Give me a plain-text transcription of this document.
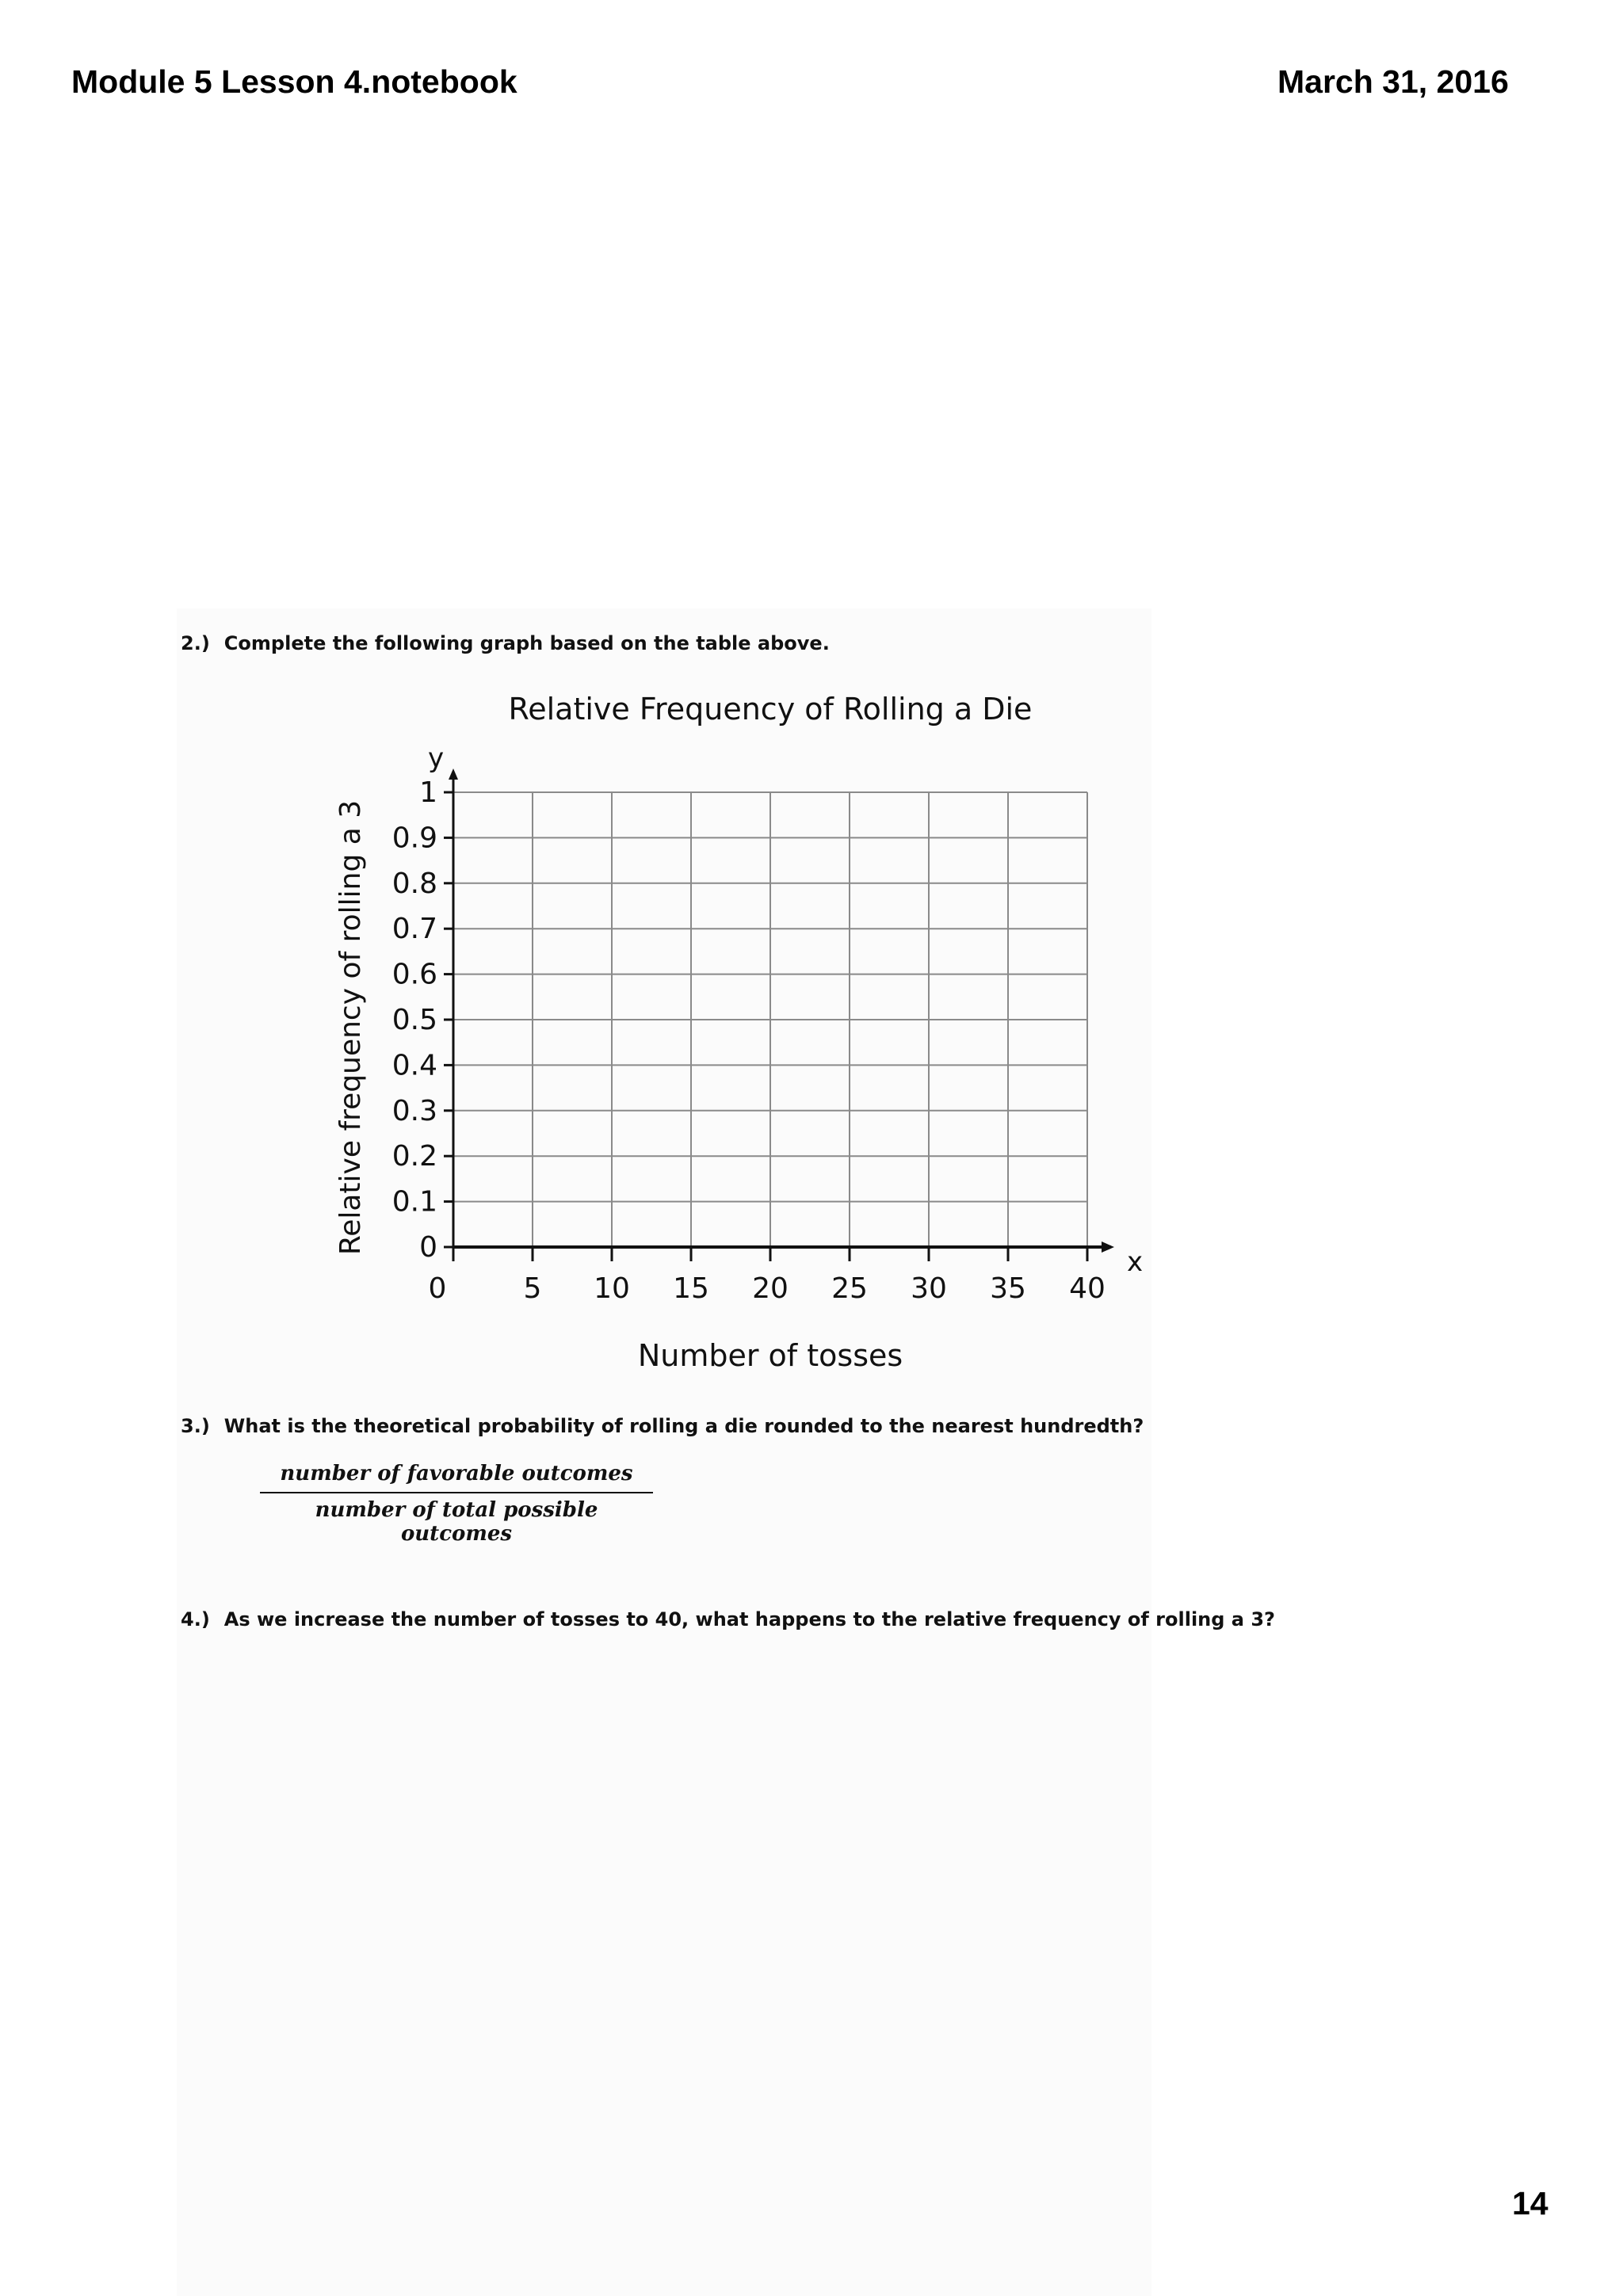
Module 5 Lesson 4.notebook	March 31, 2016
2.) Complete the following graph based on the table above.
Relative Frequency of Rolling a Die
x
y
0
0.1
0.2
0.3
0.4
0.5
0.6
0.7
0.8
0.9
1
0	5 10 15 20 25 30 35 40
Number of tosses
Relative frequency of rolling a 3
3.) What is the theoretical probability of rolling a die rounded to the nearest hundredth?
number of favorable outcomes
number of total possible outcomes
4.) As we increase the number of tosses to 40, what happens to the relative frequency of rolling a 3?
14
